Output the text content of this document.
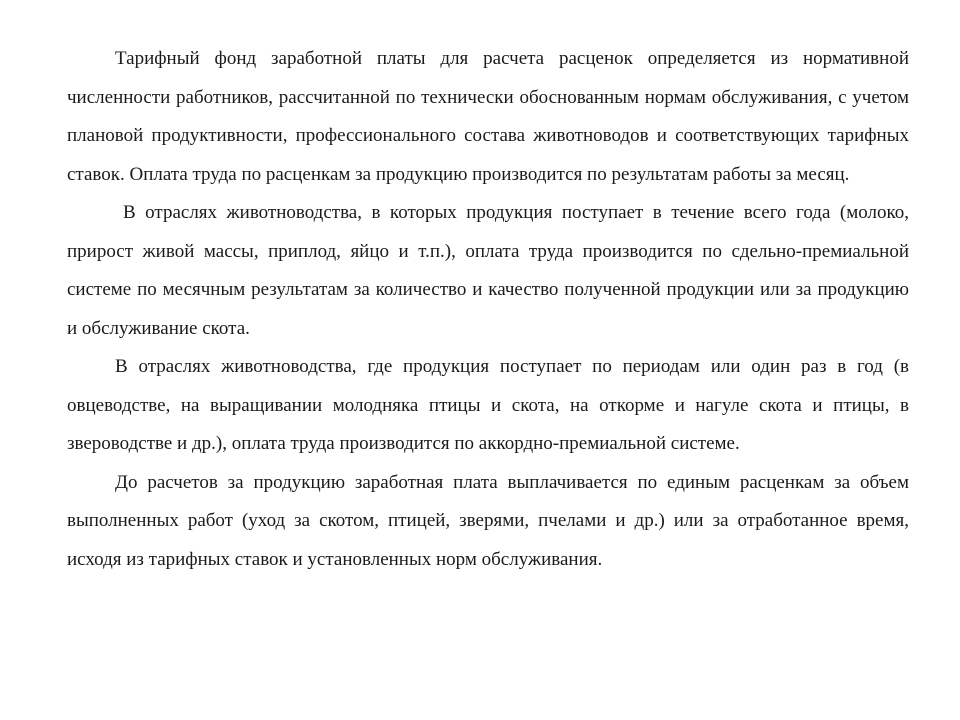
Тарифный фонд заработной платы для расчета расценок определяется из нормативной численности работников, рассчитанной по технически обоснованным нормам обслуживания, с учетом плановой продуктивности, профессионального состава животноводов и соответствующих тарифных ставок. Оплата труда по расценкам за продукцию производится по результатам работы за месяц.

В отраслях животноводства, в которых продукция поступает в течение всего года (молоко, прирост живой массы, приплод, яйцо и т.п.), оплата труда производится по сдельно-премиальной системе по месячным результатам за количество и качество полученной продукции или за продукцию и обслуживание скота.

В отраслях животноводства, где продукция поступает по периодам или один раз в год (в овцеводстве, на выращивании молодняка птицы и скота, на откорме и нагуле скота и птицы, в звероводстве и др.), оплата труда производится по аккордно-премиальной системе.

До расчетов за продукцию заработная плата выплачивается по единым расценкам за объем выполненных работ (уход за скотом, птицей, зверями, пчелами и др.) или за отработанное время, исходя из тарифных ставок и установленных норм обслуживания.
